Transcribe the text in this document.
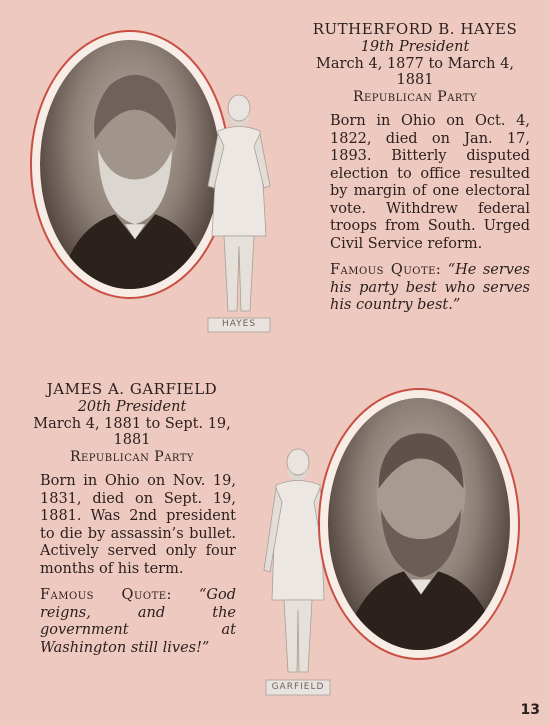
HAYES
RUTHERFORD B. HAYES
19th President
March 4, 1877 to March 4, 1881
Republican Party
Born in Ohio on Oct. 4, 1822, died on Jan. 17, 1893. Bitterly disputed election to office resulted by margin of one electoral vote. Withdrew federal troops from South. Urged Civil Service reform.
Famous Quote: “He serves his party best who serves his country best.”
JAMES A. GARFIELD
20th President
March 4, 1881 to Sept. 19, 1881
Republican Party
Born in Ohio on Nov. 19, 1831, died on Sept. 19, 1881. Was 2nd president to die by assassin’s bullet. Actively served only four months of his term.
Famous Quote: “God reigns, and the government at Washington still lives!”
GARFIELD
13
